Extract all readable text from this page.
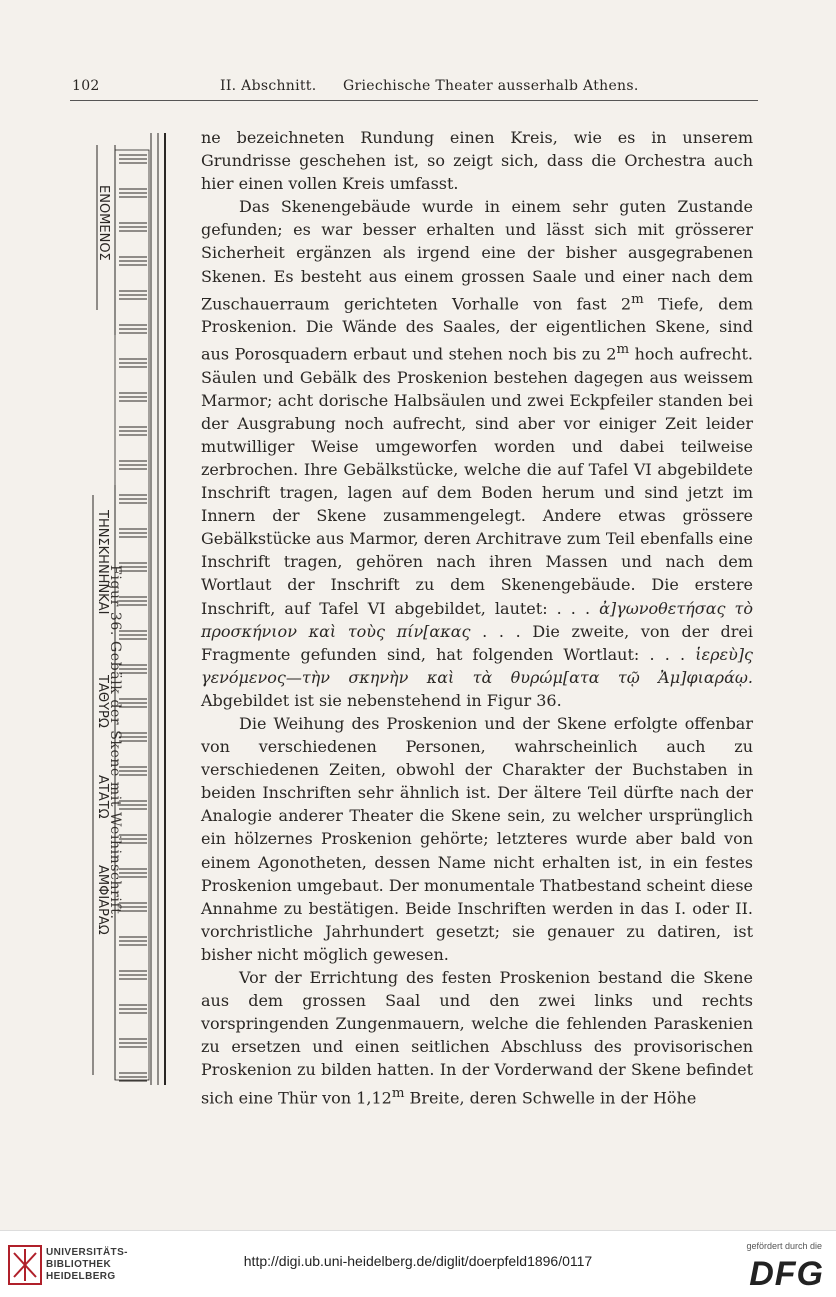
102	II. Abschnitt. Griechische Theater ausserhalb Athens.
Figur 36. Gebälk der Skene mit Weihinschrift.
ΕΝΟΜΕΝΟΣ
ΤΗΝΣΚΗΝΗΝΚΑΙ
ΤΑΘΥΡΩ
ΑΤΑΤΩ
ΑΜΦΙΑΡΑΩ

ne bezeichneten Rundung einen Kreis, wie es in unserem Grundrisse geschehen ist, so zeigt sich, dass die Orchestra auch hier einen vollen Kreis umfasst.

Das Skenengebäude wurde in einem sehr guten Zustande gefunden; es war besser erhalten und lässt sich mit grösserer Sicherheit ergänzen als irgend eine der bisher ausgegrabenen Skenen. Es besteht aus einem grossen Saale und einer nach dem Zuschauerraum gerichteten Vorhalle von fast 2$^m$ Tiefe, dem Proskenion. Die Wände des Saales, der eigentlichen Skene, sind aus Porosquadern erbaut und stehen noch bis zu 2$^m$ hoch aufrecht. Säulen und Gebälk des Proskenion bestehen dagegen aus weissem Marmor; acht dorische Halbsäulen und zwei Eckpfeiler standen bei der Ausgrabung noch aufrecht, sind aber vor einiger Zeit leider mutwilliger Weise umgeworfen worden und dabei teilweise zerbrochen. Ihre Gebälkstücke, welche die auf Tafel VI abgebildete Inschrift tragen, lagen auf dem Boden herum und sind jetzt im Innern der Skene zusammengelegt. Andere etwas grössere Gebälkstücke aus Marmor, deren Architrave zum Teil ebenfalls eine Inschrift tragen, gehören nach ihren Massen und nach dem Wortlaut der Inschrift zu dem Skenengebäude. Die erstere Inschrift, auf Tafel VI abgebildet, lautet: . . . ἀ]γωνοθετήσας τὸ προσκήνιον καὶ τοὺς πίν[ακας . . . Die zweite, von der drei Fragmente gefunden sind, hat folgenden Wortlaut: . . . ἱερεὺ]ς γενόμενος—τὴν σκηνὴν καὶ τὰ θυρώμ[ατα τῷ Ἀμ]φιαράῳ. Abgebildet ist sie nebenstehend in Figur 36.

Die Weihung des Proskenion und der Skene erfolgte offenbar von verschiedenen Personen, wahrscheinlich auch zu verschiedenen Zeiten, obwohl der Charakter der Buchstaben in beiden Inschriften sehr ähnlich ist. Der ältere Teil dürfte nach der Analogie anderer Theater die Skene sein, zu welcher ursprünglich ein hölzernes Proskenion gehörte; letzteres wurde aber bald von einem Agonotheten, dessen Name nicht erhalten ist, in ein festes Proskenion umgebaut. Der monumentale Thatbestand scheint diese Annahme zu bestätigen. Beide Inschriften werden in das I. oder II. vorchristliche Jahrhundert gesetzt; sie genauer zu datiren, ist bisher nicht möglich gewesen.

Vor der Errichtung des festen Proskenion bestand die Skene aus dem grossen Saal und den zwei links und rechts vorspringenden Zungenmauern, welche die fehlenden Paraskenien zu ersetzen und einen seitlichen Abschluss des provisorischen Proskenion zu bilden hatten. In der Vorderwand der Skene befindet sich eine Thür von 1,12$^m$ Breite, deren Schwelle in der Höhe

UNIVERSITÄTS-
BIBLIOTHEK
HEIDELBERG
http://digi.ub.uni-heidelberg.de/diglit/doerpfeld1896/0117
gefördert durch die
DFG
